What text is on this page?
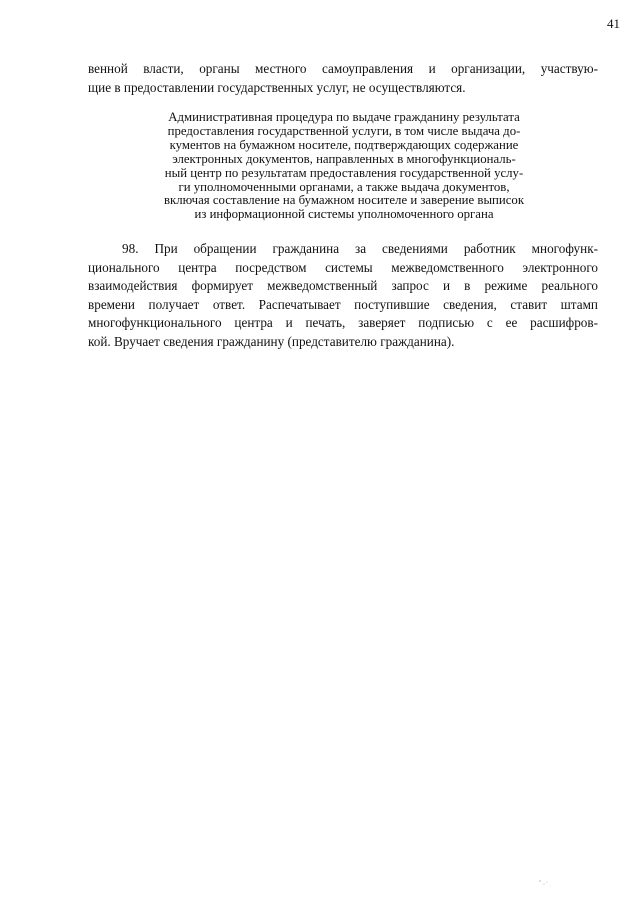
41
венной власти, органы местного самоуправления и организации, участвую-
щие в предоставлении государственных услуг, не осуществляются.
Административная процедура по выдаче гражданину результата
предоставления государственной услуги, в том числе выдача до-
кументов на бумажном носителе, подтверждающих содержание
электронных документов, направленных в многофункциональ-
ный центр по результатам предоставления государственной услу-
ги уполномоченными органами, а также выдача документов,
включая составление на бумажном носителе и заверение выписок
из информационной системы уполномоченного органа
98. При обращении гражданина за сведениями работник многофунк-
ционального центра посредством системы межведомственного электронного
взаимодействия формирует межведомственный запрос и в режиме реального
времени получает ответ. Распечатывает поступившие сведения, ставит штамп
многофункционального центра и печать, заверяет подписью с ее расшифров-
кой. Вручает сведения гражданину (представителю гражданина).
